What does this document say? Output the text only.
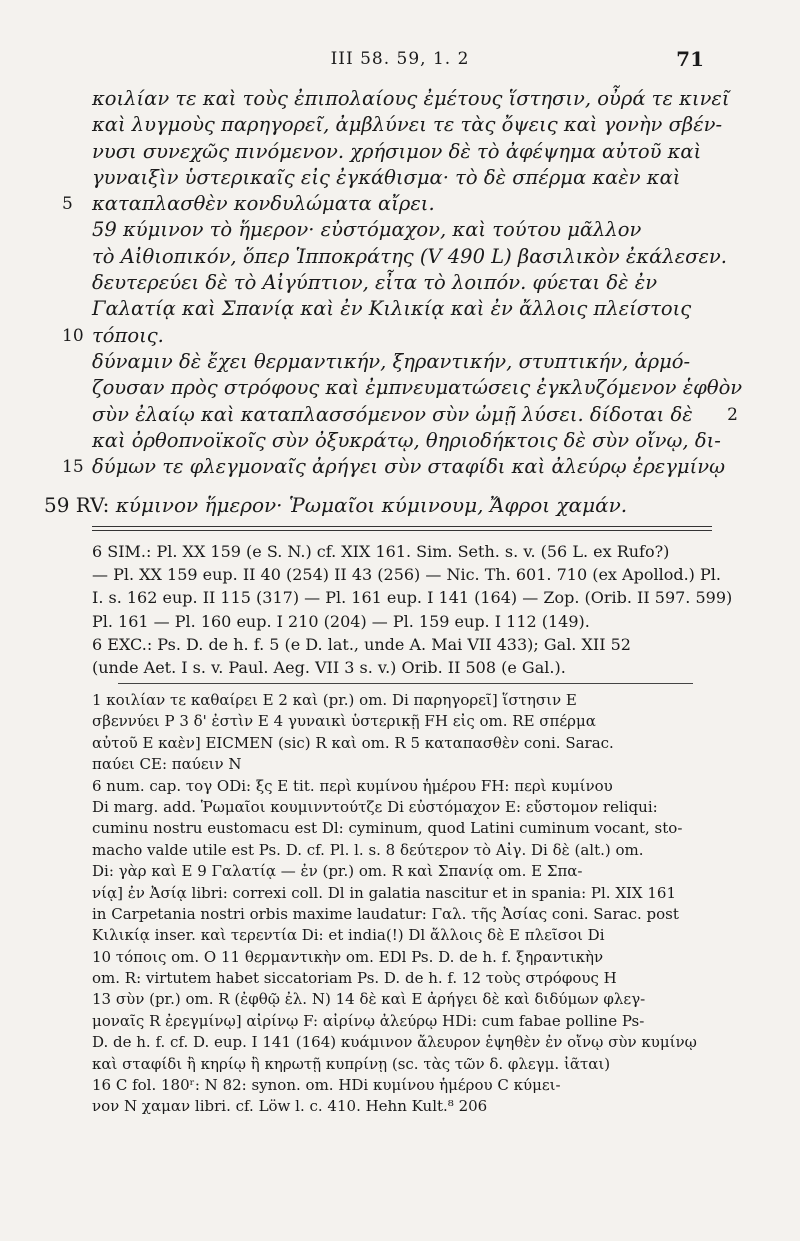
III 58. 59, 1. 2	71
κοιλίαν τε καὶ τοὺς ἐπιπολαίους ἐμέτους ἵστησιν, οὖρά τε κινεῖ
καὶ λυγμοὺς παρηγορεῖ, ἀμβλύνει τε τὰς ὄψεις καὶ γονὴν σβέν-
νυσι συνεχῶς πινόμενον. χρήσιμον δὲ τὸ ἀφέψημα αὐτοῦ καὶ
γυναιξὶν ὑστερικαῖς εἰς ἐγκάθισμα· τὸ δὲ σπέρμα καὲν καὶ
5 καταπλασθὲν κονδυλώματα αἴρει.
59 κύμινον τὸ ἥμερον· εὐστόμαχον, καὶ τούτου μᾶλλον
τὸ Αἰθιοπικόν, ὅπερ Ἱπποκράτης (V 490 L) βασιλικὸν ἐκάλεσεν.
δευτερεύει δὲ τὸ Αἰγύπτιον, εἶτα τὸ λοιπόν. φύεται δὲ ἐν
Γαλατίᾳ καὶ Σπανίᾳ καὶ ἐν Κιλικίᾳ καὶ ἐν ἄλλοις πλείστοις
10 τόποις.
δύναμιν δὲ ἔχει θερμαντικήν, ξηραντικήν, στυπτικήν, ἁρμό-
ζουσαν πρὸς στρόφους καὶ ἐμπνευματώσεις ἐγκλυζόμενον ἑφθὸν
σὺν ἐλαίῳ καὶ καταπλασσόμενον σὺν ὠμῇ λύσει. δίδοται δὲ 2
καὶ ὀρθοπνοϊκοῖς σὺν ὀξυκράτῳ, θηριοδήκτοις δὲ σὺν οἴνῳ, δι-
15 δύμων τε φλεγμοναῖς ἀρήγει σὺν σταφίδι καὶ ἀλεύρῳ ἐρεγμίνῳ
59 RV: κύμινον ἥμερον· Ῥωμαῖοι κύμινουμ, Ἄφροι χαμάν.
6 SIM.: Pl. XX 159 (e S. N.) cf. XIX 161. Sim. Seth. s. v. (56 L. ex Rufo?)
— Pl. XX 159 eup. II 40 (254) II 43 (256) — Nic. Th. 601. 710 (ex Apollod.) Pl.
I. s. 162 eup. II 115 (317) — Pl. 161 eup. I 141 (164) — Zop. (Orib. II 597. 599)
Pl. 161 — Pl. 160 eup. I 210 (204) — Pl. 159 eup. I 112 (149).
6 EXC.: Ps. D. de h. f. 5 (e D. lat., unde A. Mai VII 433); Gal. XII 52
(unde Aet. I s. v. Paul. Aeg. VII 3 s. v.) Orib. II 508 (e Gal.).
1 κοιλίαν τε καθαίρει E 2 καὶ (pr.) om. Di παρηγορεῖ] ἵστησιν E
σβεννύει P 3 δ' ἐστὶν E 4 γυναικὶ ὑστερικῇ FH εἰς om. RE σπέρμα
αὐτοῦ E καὲν] ΕΙCΜΕΝ (sic) R καὶ om. R 5 καταπασθὲν coni. Sarac.
παύει CE: παύειν N
6 num. cap. τογ ODi: ξς E tit. περὶ κυμίνου ἡμέρου FH: περὶ κυμίνου
Di marg. add. Ῥωμαῖοι κουμινντούτζε Di εὐστόμαχον E: εὔστομον reliqui:
cuminu nostru eustomacu est Dl: cyminum, quod Latini cuminum vocant, sto-
macho valde utile est Ps. D. cf. Pl. l. s. 8 δεύτερον τὸ Αἰγ. Di δὲ (alt.) om.
Di: γὰρ καὶ E 9 Γαλατίᾳ — ἐν (pr.) om. R καὶ Σπανίᾳ om. E Σπα-
νίᾳ] ἐν Ἀσίᾳ libri: correxi coll. Dl in galatia nascitur et in spania: Pl. XIX 161
in Carpetania nostri orbis maxime laudatur: Γαλ. τῆς Ἀσίας coni. Sarac. post
Κιλικίᾳ inser. καὶ τερεντία Di: et india(!) Dl ἄλλοις δὲ E πλεῖσοι Di
10 τόποις om. O 11 θερμαντικὴν om. EDl Ps. D. de h. f. ξηραντικὴν
om. R: virtutem habet siccatoriam Ps. D. de h. f. 12 τοὺς στρόφους H
13 σὺν (pr.) om. R (ἐφθῷ ἐλ. N) 14 δὲ καὶ E ἀρήγει δὲ καὶ διδύμων φλεγ-
μοναῖς R ἐρεγμίνῳ] αἰρίνῳ F: αἰρίνῳ ἀλεύρῳ HDi: cum fabae polline Ps-
D. de h. f. cf. D. eup. I 141 (164) κυάμινον ἄλευρον ἑψηθὲν ἐν οἴνῳ σὺν κυμίνῳ
καὶ σταφίδι ἢ κηρίῳ ἢ κηρωτῇ κυπρίνῃ (sc. τὰς τῶν δ. φλεγμ. ἰᾶται)
16 C fol. 180ʳ: N 82: synon. om. HDi κυμίνου ἡμέρου C κύμει-
νον N χαμαν libri. cf. Löw l. c. 410. Hehn Kult.⁸ 206
